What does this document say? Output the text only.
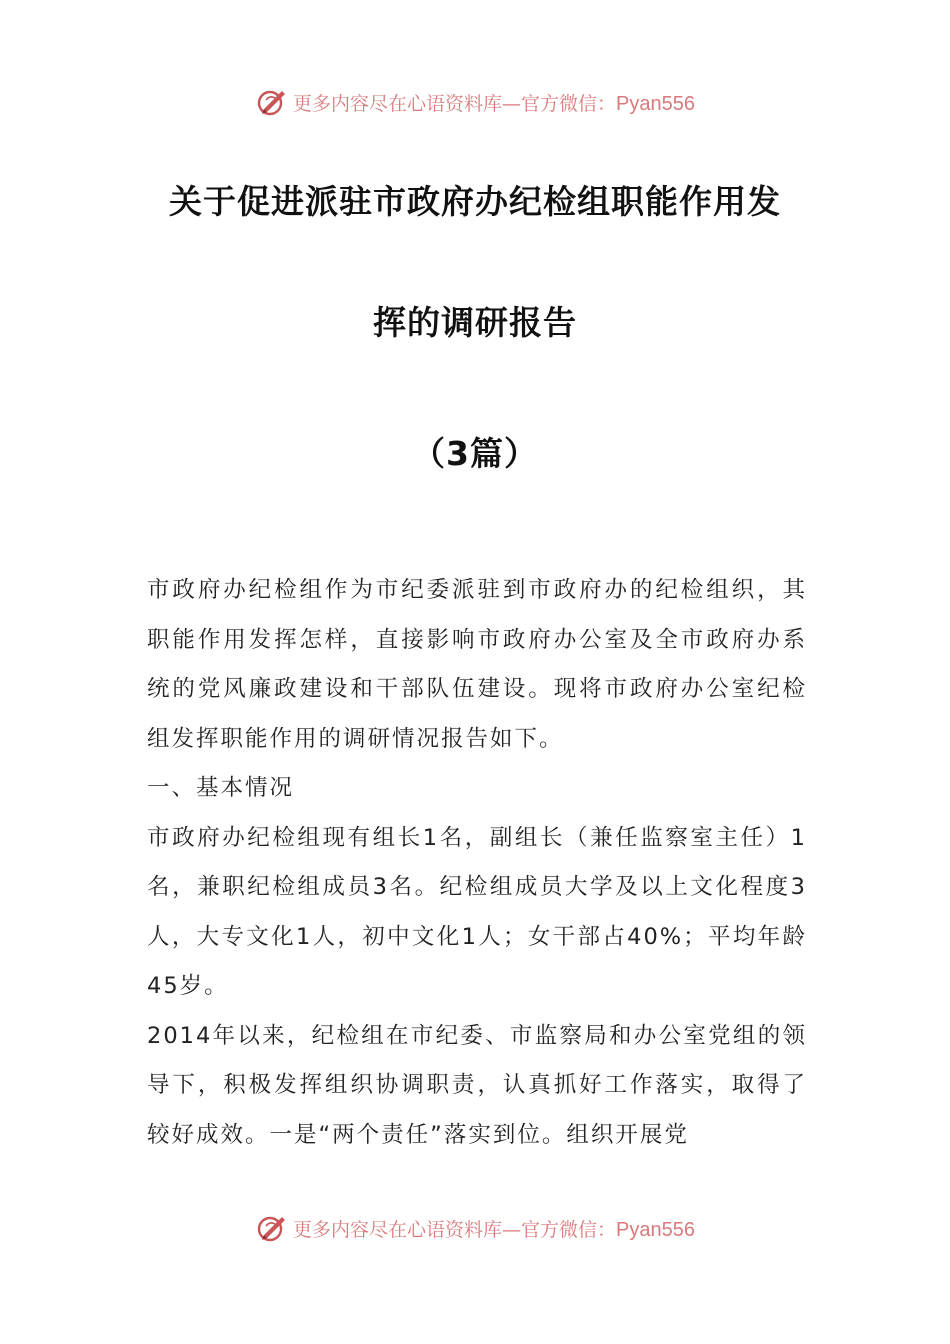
更多内容尽在心语资料库—官方微信：Pyan556
关于促进派驻市政府办纪检组职能作用发
挥的调研报告
（3篇）

市政府办纪检组作为市纪委派驻到市政府办的纪检组织，其职能作用发挥怎样，直接影响市政府办公室及全市政府办系统的党风廉政建设和干部队伍建设。现将市政府办公室纪检组发挥职能作用的调研情况报告如下。

一、基本情况

市政府办纪检组现有组长1名，副组长（兼任监察室主任）1名，兼职纪检组成员3名。纪检组成员大学及以上文化程度3人，大专文化1人，初中文化1人；女干部占40%；平均年龄45岁。

2014年以来，纪检组在市纪委、市监察局和办公室党组的领导下，积极发挥组织协调职责，认真抓好工作落实，取得了较好成效。一是“两个责任”落实到位。组织开展党

更多内容尽在心语资料库—官方微信：Pyan556
